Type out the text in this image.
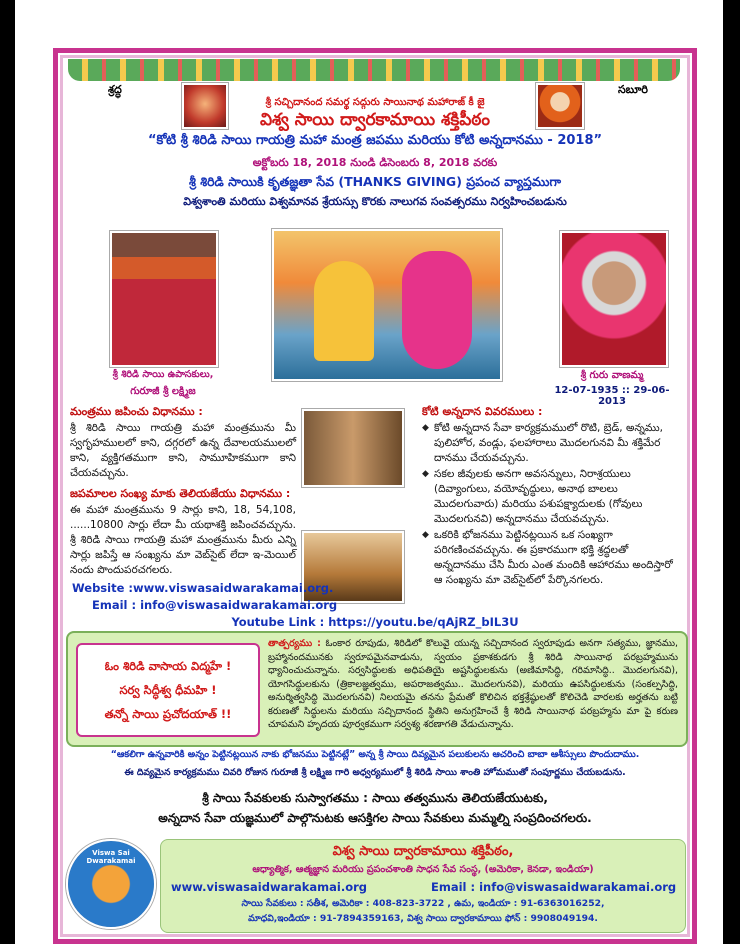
శ్రద్ధ	సబూరి
శ్రీ సచ్చిదానంద సమర్థ సద్గురు సాయినాథ మహారాజ్ కీ జై
విశ్వ సాయి ద్వారకామాయి శక్తిపీఠం
“కోటి శ్రీ శిరిడి సాయి గాయత్రి మహా మంత్ర జపము మరియు కోటి అన్నదానము - 2018”
అక్టోబరు 18, 2018 నుండి డిసెంబరు 8, 2018 వరకు
శ్రీ శిరిడి సాయికి కృతజ్ఞతా సేవ (THANKS GIVING) ప్రపంచ వ్యాప్తముగా
విశ్వశాంతి మరియు విశ్వమానవ శ్రేయస్సు కొరకు నాలుగవ సంవత్సరము నిర్వహించబడును
శ్రీ శిరిడి సాయి ఉపాసకులు,
గురూజీ శ్రీ లక్ష్మిజ
శ్రీ గురు వాణమ్మ
12-07-1935 :: 29-06-2013
మంత్రము జపించు విధానము :
శ్రీ శిరిడి సాయి గాయత్రి మహా మంత్రమును మీ స్వగృహములలో కాని, దగ్గరలో ఉన్న దేవాలయములలో కాని, వ్యక్తిగతముగా కాని, సామూహికముగా కాని చేయవచ్చును.
జపమాలల సంఖ్య మాకు తెలియజేయు విధానము :
ఈ మహా మంత్రమును 9 సార్లు కాని, 18, 54,108, ......10800 సార్లు లేదా మీ యథాశక్తి జపించవచ్చును. శ్రీ శిరిడి సాయి గాయత్రి మహా మంత్రమును మీరు ఎన్ని సార్లు జపిస్తే ఆ సంఖ్యను మా వెబ్‌సైట్ లేదా ఇ-మెయిల్ నందు పొందుపరచగలరు.
Website :www.viswasaidwarakamai.org.
Email : info@viswasaidwarakamai.org
కోటి అన్నదాన వివరములు :
◆ కోటి అన్నదాన సేవా కార్యక్రమములో రొటి, బ్రెడ్, అన్నము, పులిహోర, వండ్లు, ఫలహారాలు మొదలగునవి మీ శక్తిమేర దానము చేయవచ్చును.
◆ సకల జీవులకు అనగా అవసన్నులు, నిరాశ్రయులు (దివ్యాంగులు, వయోవృద్ధులు, అనాథ బాలలు మొదలగువారు) మరియు పశుపక్ష్యాదులకు (గోవులు మొదలగునవి) అన్నదానము చేయవచ్చును.
◆ ఒకరికి భోజనము పెట్టినట్లయిన ఒక సంఖ్యగా పరిగణించవచ్చును. ఈ ప్రకారముగా భక్తి శ్రద్ధలతో అన్నదానము చేసి మీరు ఎంత మందికి ఆహారము అందిస్తారో ఆ సంఖ్యను మా వెబ్‌సైట్‌లో పేర్కొనగలరు.
Youtube Link : https://youtu.be/qAjRZ_bIL3U
ఓం శిరిడి వాసాయ విద్మహే !
సర్వ సిద్ధీశ్వ ధీమహి !
తన్నో సాయి ప్రచోదయాత్ !!
తాత్పర్యము : ఓంకార రూపుడు, శిరిడిలో కొలువై యున్న సచ్చిదానంద స్వరూపుడు అనగా సత్యము, జ్ఞానము, బ్రహ్మానందమునకు స్వరూపమైనవాడును, స్వయం ప్రకాశకుడగు శ్రీ శిరిడి సాయినాథ పరబ్రహ్మమును ధ్యానించుచున్నాను. సర్వసిద్ధులకు అధిపతియై అష్టసిద్ధులకును (అణిమాసిద్ధి, గరిమాసిద్ధి.. మొదలగునవి), యోగసిద్ధులకును (త్రికాలజ్ఞత్వము, అపరాజత్వము.. మొదలగునవి), మరియు ఉపసిద్ధులకును (సంకల్పసిద్ధి, అనుర్మిత్వసిద్ధి మొదలగునవి) నిలయమై తనను ప్రేమతో కొలిచిన భక్తశ్రేష్ఠులతో కొలిచెడి వారలకు అర్హతను బట్టి కరుణతో సిద్ధులను మరియు సచ్చిదానంద స్థితిని అనుగ్రహించే శ్రీ శిరిడి సాయినాథ పరబ్రహ్మను మా పై కరుణ చూపమని హృదయ పూర్వకముగా సర్వశ్య శరణాగతి వేడుచున్నాను.
“ఆకలిగా ఉన్నవారికి అన్నం పెట్టినట్లయిన నాకు భోజనము పెట్టినట్లే” అన్న శ్రీ సాయి దివ్యమైన పలుకులను ఆచరించి బాబా ఆశీస్సులు పొందుదాము.
ఈ దివ్యమైన కార్యక్రమము చివరి రోజున గురూజీ శ్రీ లక్ష్మిజ గారి అధ్వర్యములో శ్రీ శిరిడి సాయి శాంతి హోమముతో సంపూర్ణము చేయబడును.
శ్రీ సాయి సేవకులకు సుస్వాగతము : సాయి తత్వమును తెలియజేయుటకు,
అన్నదాన సేవా యజ్ఞములో పాల్గొనుటకు ఆసక్తిగల సాయి సేవకులు మమ్మల్ని సంప్రదించగలరు.
Viswa Sai Dwarakamai
విశ్వ సాయి ద్వారకామాయి శక్తిపీఠం,
ఆధ్యాత్మిక, ఆత్మజ్ఞాన మరియు ప్రపంచశాంతి సాధన సేవ సంస్థ, (అమెరికా, కెనడా, ఇండియా)
www.viswasaidwarakamai.org	Email : info@viswasaidwarakamai.org
సాయి సేవకులు : సతీశ, అమెరికా : 408-823-3722 , ఉమ, ఇండియా : 91-6363016252,
మాధవి,ఇండియా : 91-7894359163, విశ్వ సాయి ద్వారకామాయి ఫోన్ : 9908049194.
